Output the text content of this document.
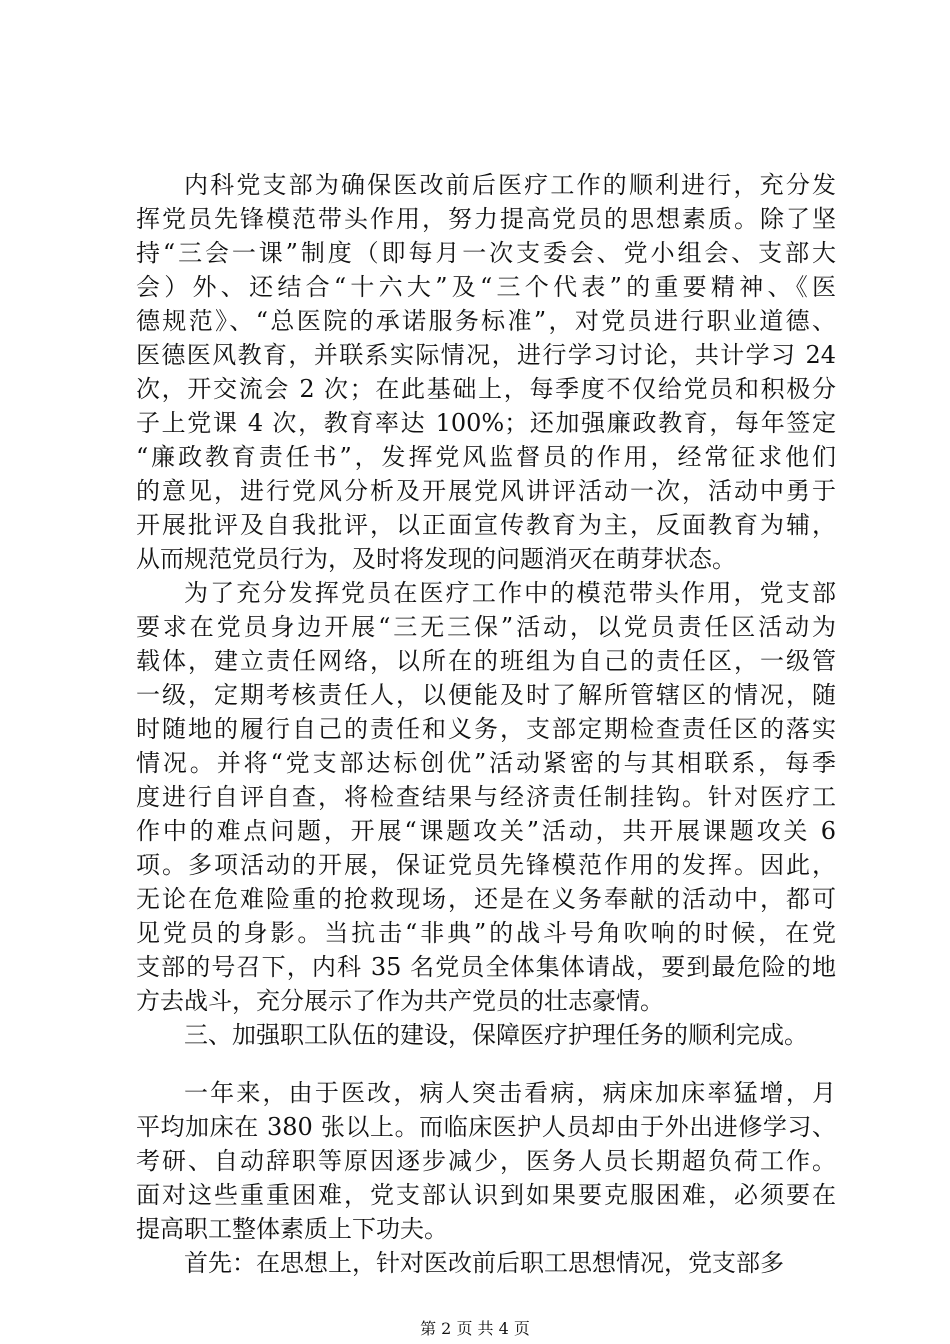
内科党支部为确保医改前后医疗工作的顺利进行，充分发
挥党员先锋模范带头作用，努力提高党员的思想素质。除了坚
持“三会一课”制度（即每月一次支委会、党小组会、支部大
会）外、还结合“十六大”及“三个代表”的重要精神、《医
德规范》、“总医院的承诺服务标准”，对党员进行职业道德、
医德医风教育，并联系实际情况，进行学习讨论，共计学习 24
次，开交流会 2 次；在此基础上，每季度不仅给党员和积极分
子上党课 4 次，教育率达 100%；还加强廉政教育，每年签定
“廉政教育责任书”，发挥党风监督员的作用，经常征求他们
的意见，进行党风分析及开展党风讲评活动一次，活动中勇于
开展批评及自我批评，以正面宣传教育为主，反面教育为辅，
从而规范党员行为，及时将发现的问题消灭在萌芽状态。
为了充分发挥党员在医疗工作中的模范带头作用，党支部
要求在党员身边开展“三无三保”活动，以党员责任区活动为
载体，建立责任网络，以所在的班组为自己的责任区，一级管
一级，定期考核责任人，以便能及时了解所管辖区的情况，随
时随地的履行自己的责任和义务，支部定期检查责任区的落实
情况。并将“党支部达标创优”活动紧密的与其相联系，每季
度进行自评自查，将检查结果与经济责任制挂钩。针对医疗工
作中的难点问题，开展“课题攻关”活动，共开展课题攻关 6
项。多项活动的开展，保证党员先锋模范作用的发挥。因此，
无论在危难险重的抢救现场，还是在义务奉献的活动中，都可
见党员的身影。当抗击“非典”的战斗号角吹响的时候，在党
支部的号召下，内科 35 名党员全体集体请战，要到最危险的地
方去战斗，充分展示了作为共产党员的壮志豪情。
三、加强职工队伍的建设，保障医疗护理任务的顺利完成。
一年来，由于医改，病人突击看病，病床加床率猛增，月
平均加床在 380 张以上。而临床医护人员却由于外出进修学习、
考研、自动辞职等原因逐步减少，医务人员长期超负荷工作。
面对这些重重困难，党支部认识到如果要克服困难，必须要在
提高职工整体素质上下功夫。
首先：在思想上，针对医改前后职工思想情况，党支部多
第 2 页 共 4 页
